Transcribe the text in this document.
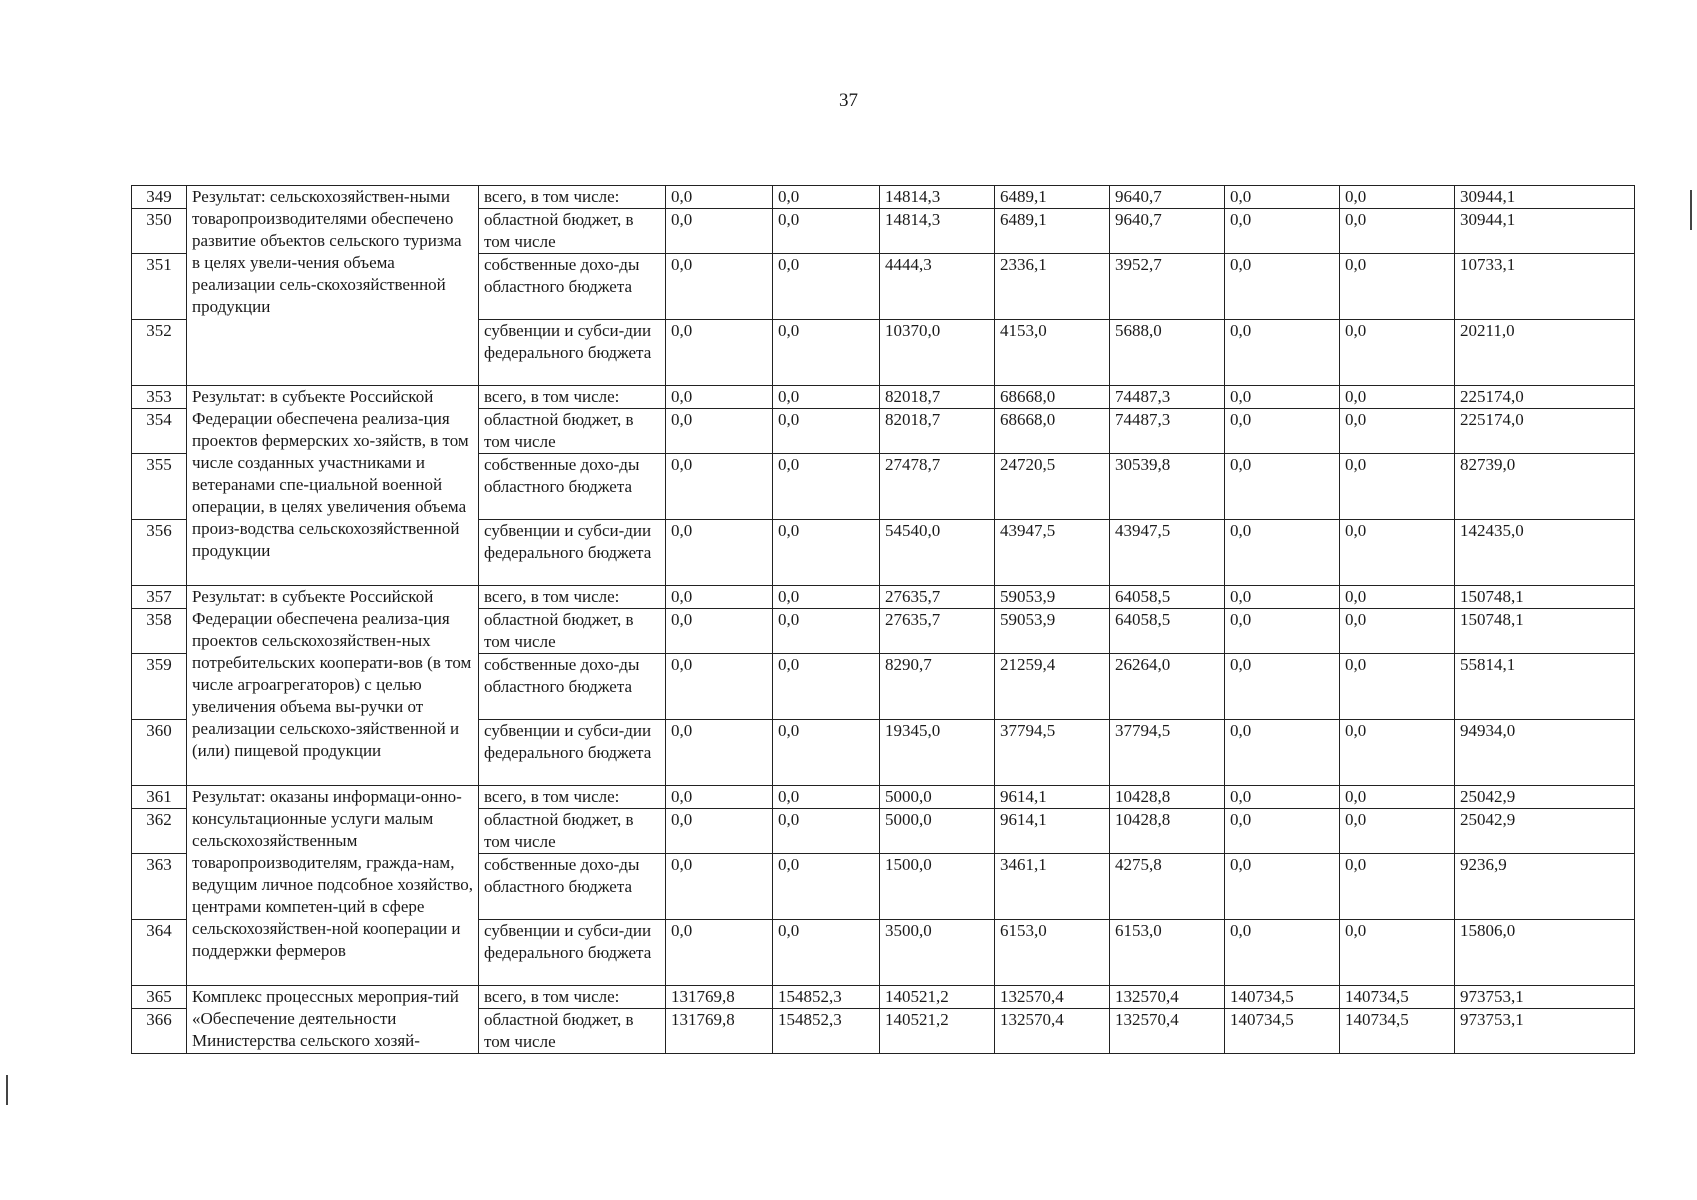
37
349	Результат: сельскохозяйствен-ными товаропроизводителями обеспечено развитие объектов сельского туризма в целях увели-чения объема реализации сель-скохозяйственной продукции	всего, в том числе:	0,0	0,0	14814,3	6489,1	9640,7	0,0	0,0	30944,1
350		областной бюджет, в том числе	0,0	0,0	14814,3	6489,1	9640,7	0,0	0,0	30944,1
351		собственные дохо-ды областного бюджета	0,0	0,0	4444,3	2336,1	3952,7	0,0	0,0	10733,1
352		субвенции и субси-дии федерального бюджета	0,0	0,0	10370,0	4153,0	5688,0	0,0	0,0	20211,0
353	Результат: в субъекте Российской Федерации обеспечена реализа-ция проектов фермерских хо-зяйств, в том числе созданных участниками и ветеранами спе-циальной военной операции, в целях увеличения объема произ-водства сельскохозяйственной продукции	всего, в том числе:	0,0	0,0	82018,7	68668,0	74487,3	0,0	0,0	225174,0
354		областной бюджет, в том числе	0,0	0,0	82018,7	68668,0	74487,3	0,0	0,0	225174,0
355		собственные дохо-ды областного бюджета	0,0	0,0	27478,7	24720,5	30539,8	0,0	0,0	82739,0
356		субвенции и субси-дии федерального бюджета	0,0	0,0	54540,0	43947,5	43947,5	0,0	0,0	142435,0
357	Результат: в субъекте Российской Федерации обеспечена реализа-ция проектов сельскохозяйствен-ных потребительских кооперати-вов (в том числе агроагрегаторов) с целью увеличения объема вы-ручки от реализации сельскохо-зяйственной и (или) пищевой продукции	всего, в том числе:	0,0	0,0	27635,7	59053,9	64058,5	0,0	0,0	150748,1
358		областной бюджет, в том числе	0,0	0,0	27635,7	59053,9	64058,5	0,0	0,0	150748,1
359		собственные дохо-ды областного бюджета	0,0	0,0	8290,7	21259,4	26264,0	0,0	0,0	55814,1
360		субвенции и субси-дии федерального бюджета	0,0	0,0	19345,0	37794,5	37794,5	0,0	0,0	94934,0
361	Результат: оказаны информаци-онно-консультационные услуги малым сельскохозяйственным товаропроизводителям, гражда-нам, ведущим личное подсобное хозяйство, центрами компетен-ций в сфере сельскохозяйствен-ной кооперации и поддержки фермеров	всего, в том числе:	0,0	0,0	5000,0	9614,1	10428,8	0,0	0,0	25042,9
362		областной бюджет, в том числе	0,0	0,0	5000,0	9614,1	10428,8	0,0	0,0	25042,9
363		собственные дохо-ды областного бюджета	0,0	0,0	1500,0	3461,1	4275,8	0,0	0,0	9236,9
364		субвенции и субси-дии федерального бюджета	0,0	0,0	3500,0	6153,0	6153,0	0,0	0,0	15806,0
365	Комплекс процессных мероприя-тий «Обеспечение деятельности Министерства сельского хозяй-	всего, в том числе:	131769,8	154852,3	140521,2	132570,4	132570,4	140734,5	140734,5	973753,1
366		областной бюджет, в том числе	131769,8	154852,3	140521,2	132570,4	132570,4	140734,5	140734,5	973753,1
